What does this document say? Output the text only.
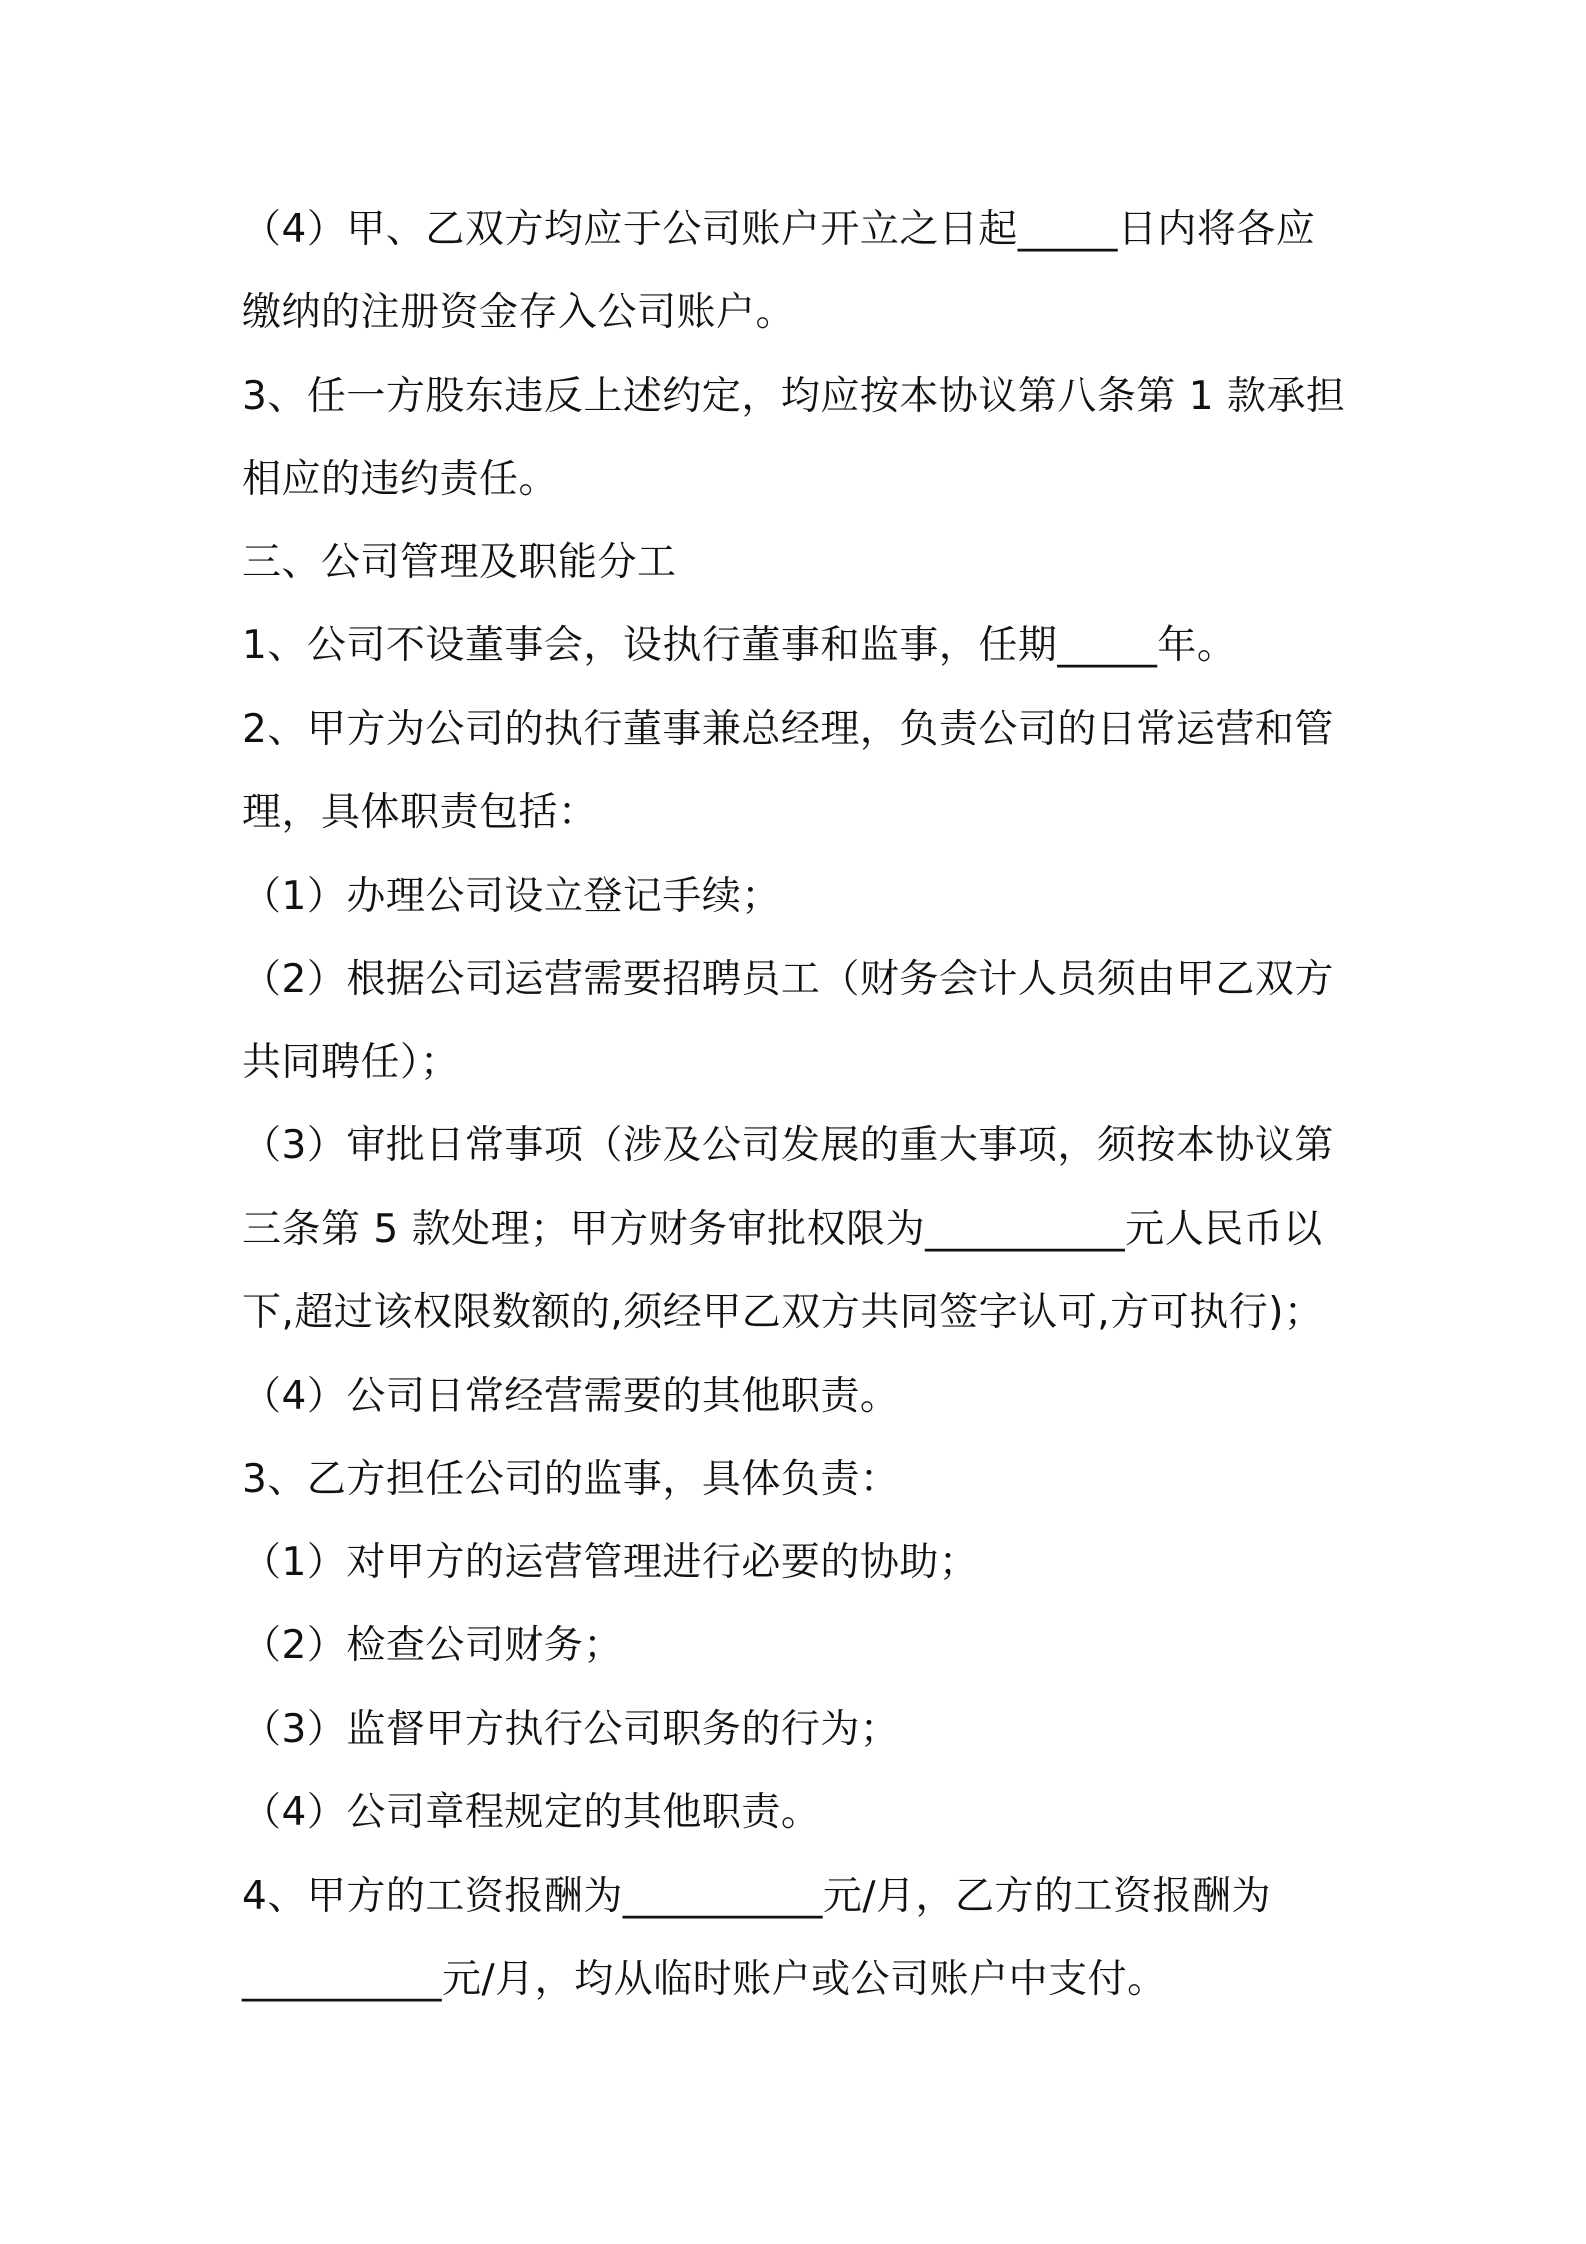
（4）甲、乙双方均应于公司账户开立之日起_____日内将各应
缴纳的注册资金存入公司账户。
3、任一方股东违反上述约定，均应按本协议第八条第 1 款承担
相应的违约责任。
三、公司管理及职能分工
1、公司不设董事会，设执行董事和监事，任期_____年。
2、甲方为公司的执行董事兼总经理，负责公司的日常运营和管
理，具体职责包括：
（1）办理公司设立登记手续；
（2）根据公司运营需要招聘员工（财务会计人员须由甲乙双方
共同聘任）；
（3）审批日常事项（涉及公司发展的重大事项，须按本协议第
三条第 5 款处理；甲方财务审批权限为__________元人民币以
下,超过该权限数额的,须经甲乙双方共同签字认可,方可执行)；
（4）公司日常经营需要的其他职责。
3、乙方担任公司的监事，具体负责：
（1）对甲方的运营管理进行必要的协助；
（2）检查公司财务；
（3）监督甲方执行公司职务的行为；
（4）公司章程规定的其他职责。
4、甲方的工资报酬为__________元/月，乙方的工资报酬为
__________元/月，均从临时账户或公司账户中支付。
